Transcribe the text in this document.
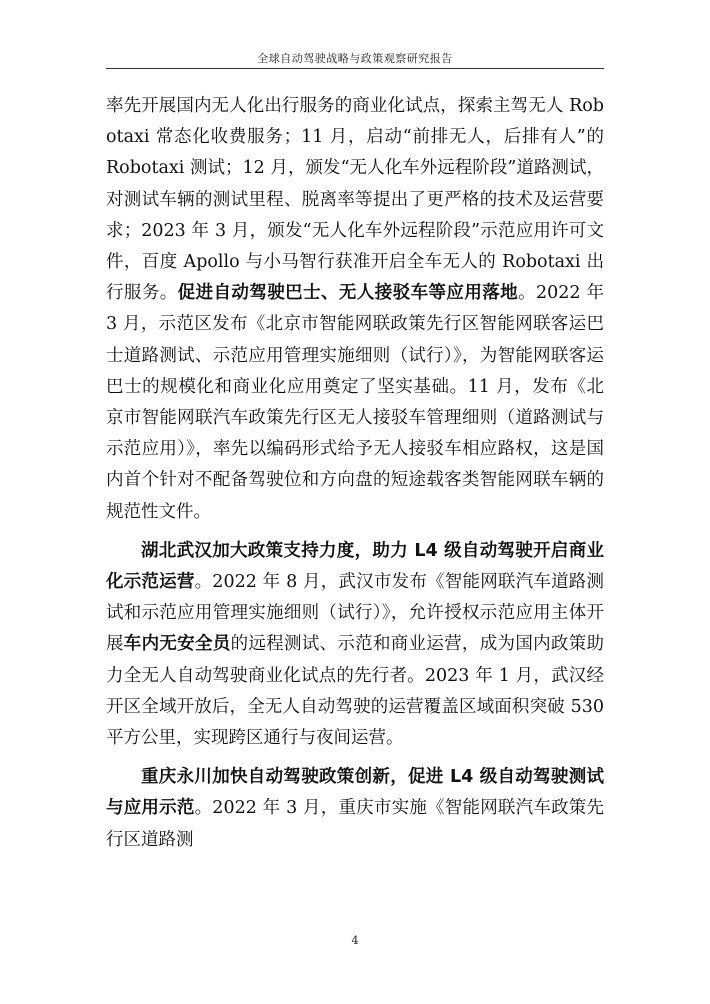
全球自动驾驶战略与政策观察研究报告

率先开展国内无人化出行服务的商业化试点，探索主驾无人 Robotaxi 常态化收费服务；11 月，启动“前排无人，后排有人”的 Robotaxi 测试；12 月，颁发“无人化车外远程阶段”道路测试，对测试车辆的测试里程、脱离率等提出了更严格的技术及运营要求；2023 年 3 月，颁发“无人化车外远程阶段”示范应用许可文件，百度 Apollo 与小马智行获准开启全车无人的 Robotaxi 出行服务。促进自动驾驶巴士、无人接驳车等应用落地。2022 年 3 月，示范区发布《北京市智能网联政策先行区智能网联客运巴士道路测试、示范应用管理实施细则（试行）》，为智能网联客运巴士的规模化和商业化应用奠定了坚实基础。11 月，发布《北京市智能网联汽车政策先行区无人接驳车管理细则（道路测试与示范应用）》，率先以编码形式给予无人接驳车相应路权，这是国内首个针对不配备驾驶位和方向盘的短途载客类智能网联车辆的规范性文件。

湖北武汉加大政策支持力度，助力 L4 级自动驾驶开启商业化示范运营。2022 年 8 月，武汉市发布《智能网联汽车道路测试和示范应用管理实施细则（试行）》，允许授权示范应用主体开展车内无安全员的远程测试、示范和商业运营，成为国内政策助力全无人自动驾驶商业化试点的先行者。2023 年 1 月，武汉经开区全域开放后，全无人自动驾驶的运营覆盖区域面积突破 530 平方公里，实现跨区通行与夜间运营。

重庆永川加快自动驾驶政策创新，促进 L4 级自动驾驶测试与应用示范。2022 年 3 月，重庆市实施《智能网联汽车政策先行区道路测

4
